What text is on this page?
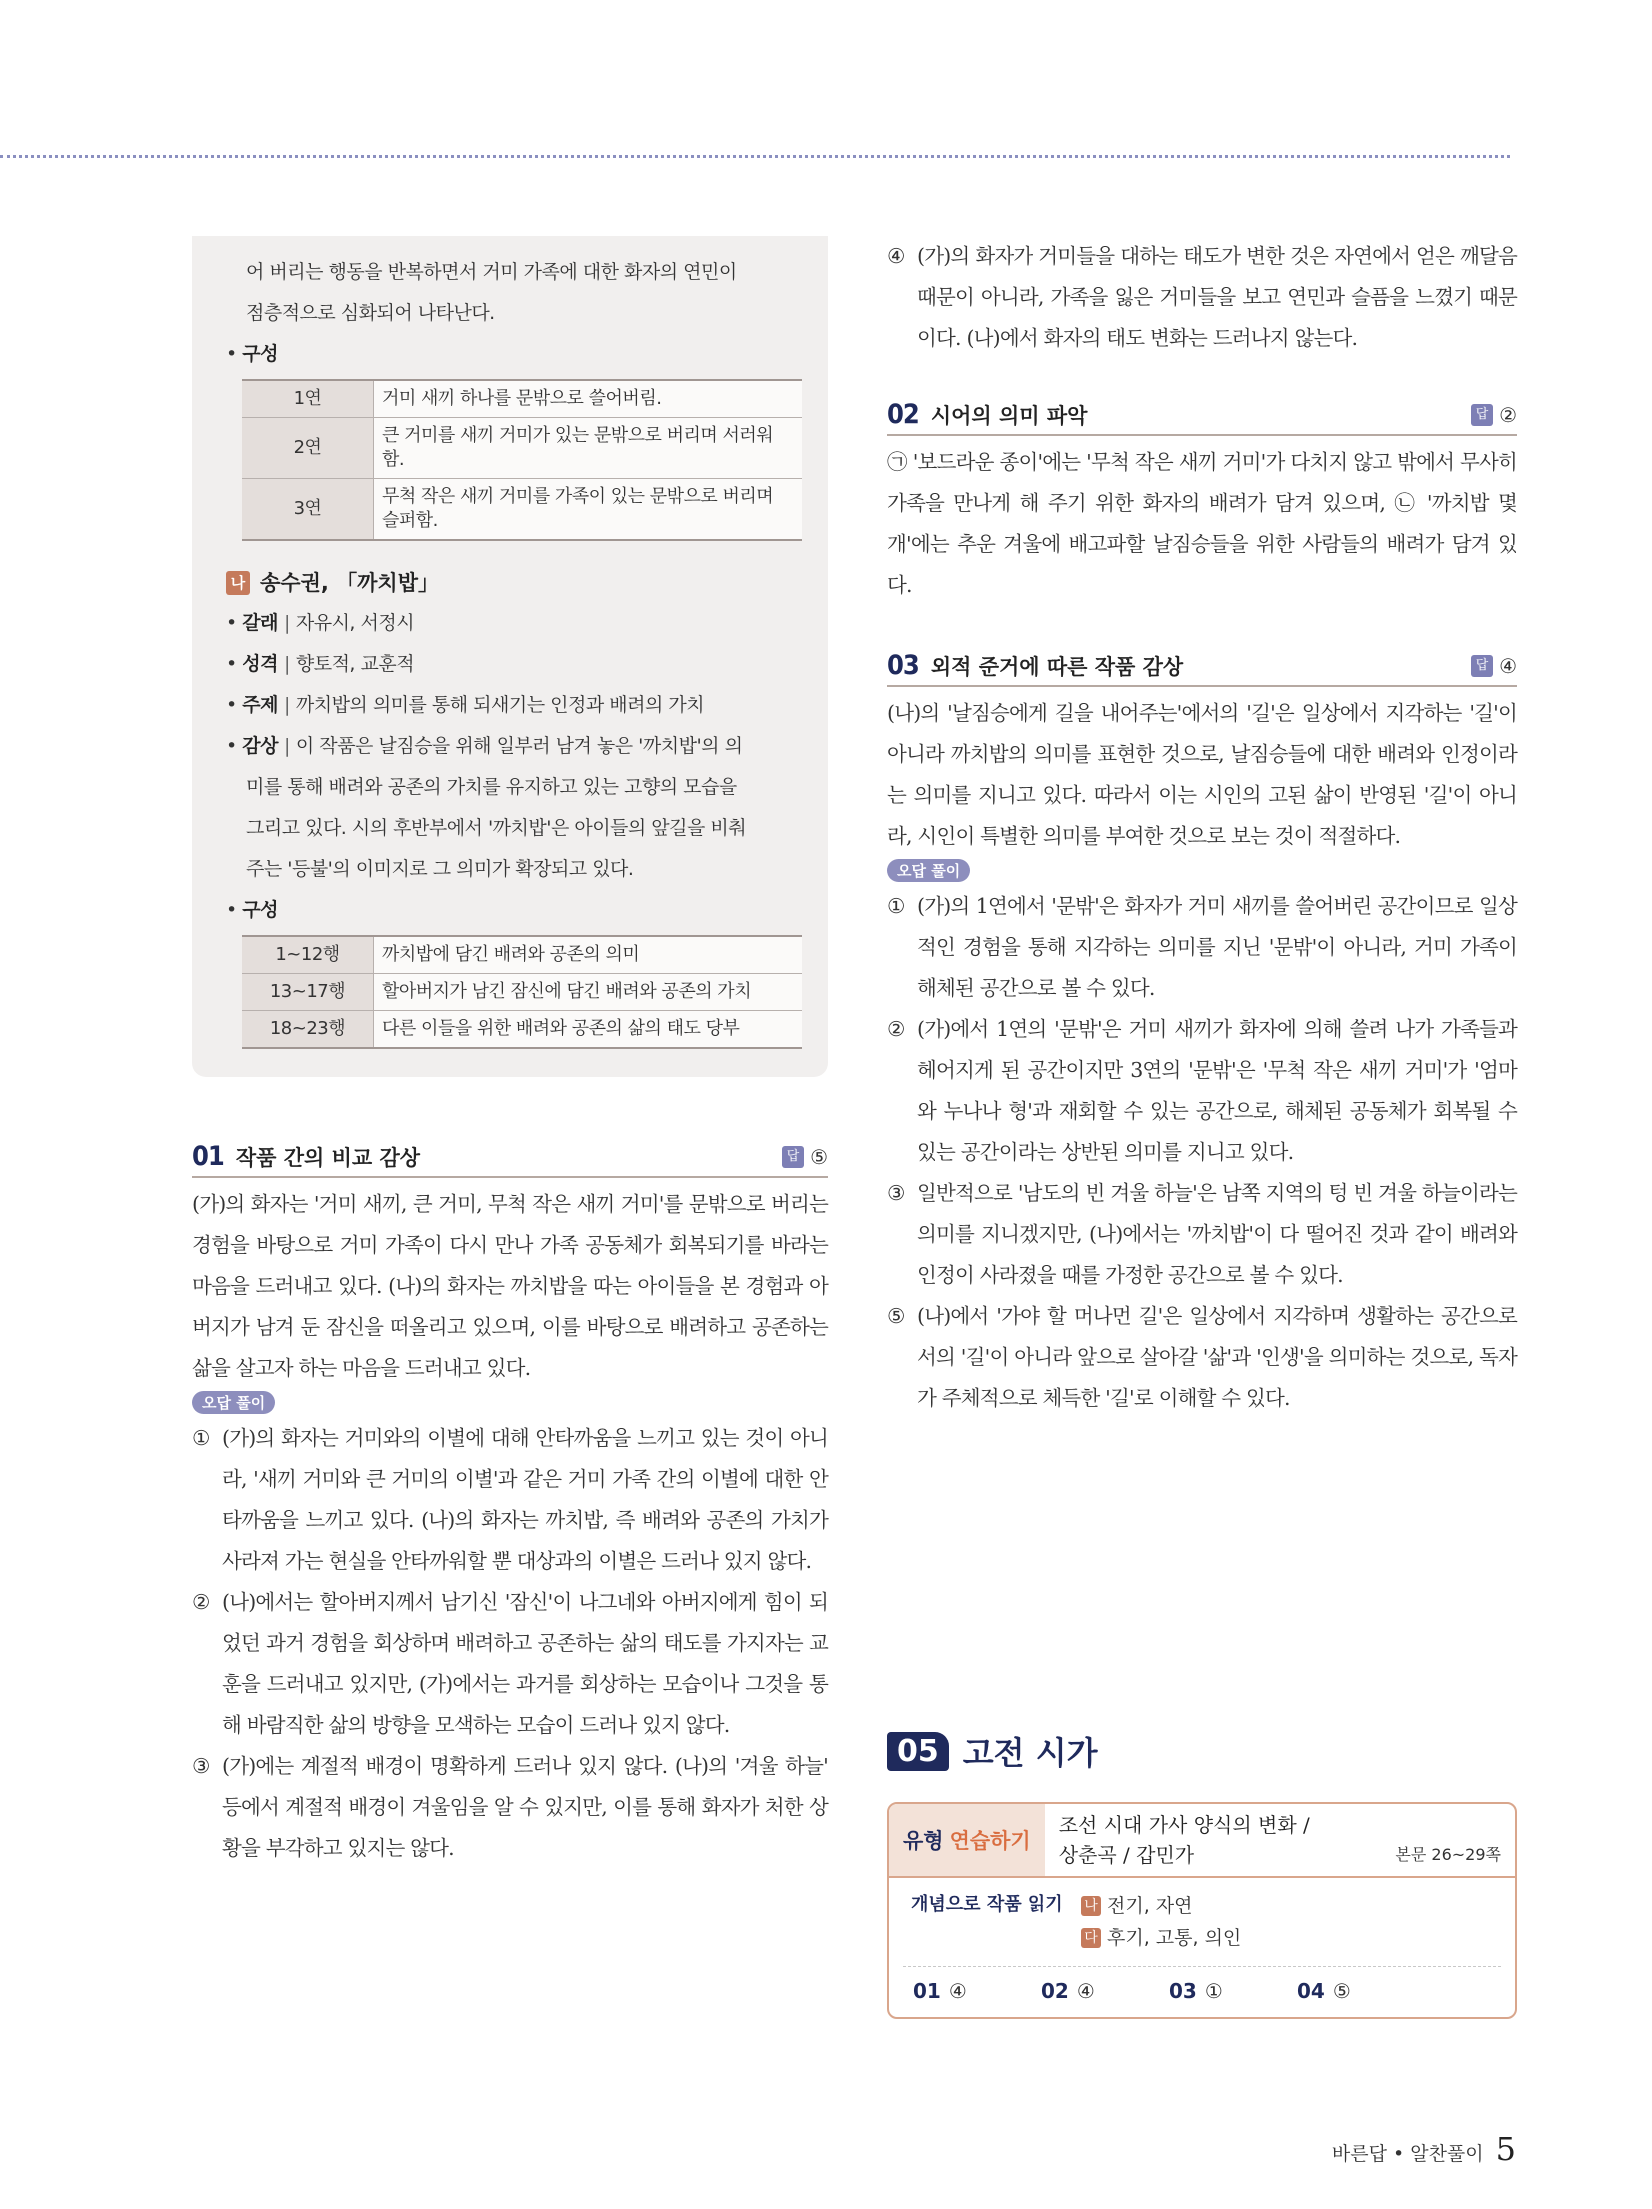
어 버리는 행동을 반복하면서 거미 가족에 대한 화자의 연민이

점층적으로 심화되어 나타난다.

• 구성
1연	거미 새끼 하나를 문밖으로 쓸어버림.
2연	큰 거미를 새끼 거미가 있는 문밖으로 버리며 서러워함.
3연	무척 작은 새끼 거미를 가족이 있는 문밖으로 버리며 슬퍼함.
나 송수권, 「까치밥」
• 갈래 | 자유시, 서정시
• 성격 | 향토적, 교훈적
• 주제 | 까치밥의 의미를 통해 되새기는 인정과 배려의 가치
• 감상 | 이 작품은 날짐승을 위해 일부러 남겨 놓은 '까치밥'의 의

미를 통해 배려와 공존의 가치를 유지하고 있는 고향의 모습을

그리고 있다. 시의 후반부에서 '까치밥'은 아이들의 앞길을 비춰

주는 '등불'의 이미지로 그 의미가 확장되고 있다.

• 구성
1~12행	까치밥에 담긴 배려와 공존의 의미
13~17행	할아버지가 남긴 잠신에 담긴 배려와 공존의 가치
18~23행	다른 이들을 위한 배려와 공존의 삶의 태도 당부
01 작품 간의 비교 감상	답 ⑤

(가)의 화자는 '거미 새끼, 큰 거미, 무척 작은 새끼 거미'를 문밖으로 버리는 경험을 바탕으로 거미 가족이 다시 만나 가족 공동체가 회복되기를 바라는 마음을 드러내고 있다. (나)의 화자는 까치밥을 따는 아이들을 본 경험과 아버지가 남겨 둔 잠신을 떠올리고 있으며, 이를 바탕으로 배려하고 공존하는 삶을 살고자 하는 마음을 드러내고 있다.

오답 풀이
① (가)의 화자는 거미와의 이별에 대해 안타까움을 느끼고 있는 것이 아니라, '새끼 거미와 큰 거미의 이별'과 같은 거미 가족 간의 이별에 대한 안타까움을 느끼고 있다. (나)의 화자는 까치밥, 즉 배려와 공존의 가치가 사라져 가는 현실을 안타까워할 뿐 대상과의 이별은 드러나 있지 않다.
② (나)에서는 할아버지께서 남기신 '잠신'이 나그네와 아버지에게 힘이 되었던 과거 경험을 회상하며 배려하고 공존하는 삶의 태도를 가지자는 교훈을 드러내고 있지만, (가)에서는 과거를 회상하는 모습이나 그것을 통해 바람직한 삶의 방향을 모색하는 모습이 드러나 있지 않다.
③ (가)에는 계절적 배경이 명확하게 드러나 있지 않다. (나)의 '겨울 하늘' 등에서 계절적 배경이 겨울임을 알 수 있지만, 이를 통해 화자가 처한 상황을 부각하고 있지는 않다.
④ (가)의 화자가 거미들을 대하는 태도가 변한 것은 자연에서 얻은 깨달음 때문이 아니라, 가족을 잃은 거미들을 보고 연민과 슬픔을 느꼈기 때문이다. (나)에서 화자의 태도 변화는 드러나지 않는다.
02 시어의 의미 파악	답 ②

㉠ '보드라운 종이'에는 '무척 작은 새끼 거미'가 다치지 않고 밖에서 무사히 가족을 만나게 해 주기 위한 화자의 배려가 담겨 있으며, ㉡ '까치밥 몇 개'에는 추운 겨울에 배고파할 날짐승들을 위한 사람들의 배려가 담겨 있다.

03 외적 준거에 따른 작품 감상	답 ④

(나)의 '날짐승에게 길을 내어주는'에서의 '길'은 일상에서 지각하는 '길'이 아니라 까치밥의 의미를 표현한 것으로, 날짐승들에 대한 배려와 인정이라는 의미를 지니고 있다. 따라서 이는 시인의 고된 삶이 반영된 '길'이 아니라, 시인이 특별한 의미를 부여한 것으로 보는 것이 적절하다.

오답 풀이
① (가)의 1연에서 '문밖'은 화자가 거미 새끼를 쓸어버린 공간이므로 일상적인 경험을 통해 지각하는 의미를 지닌 '문밖'이 아니라, 거미 가족이 해체된 공간으로 볼 수 있다.
② (가)에서 1연의 '문밖'은 거미 새끼가 화자에 의해 쓸려 나가 가족들과 헤어지게 된 공간이지만 3연의 '문밖'은 '무척 작은 새끼 거미'가 '엄마와 누나나 형'과 재회할 수 있는 공간으로, 해체된 공동체가 회복될 수 있는 공간이라는 상반된 의미를 지니고 있다.
③ 일반적으로 '남도의 빈 겨울 하늘'은 남쪽 지역의 텅 빈 겨울 하늘이라는 의미를 지니겠지만, (나)에서는 '까치밥'이 다 떨어진 것과 같이 배려와 인정이 사라졌을 때를 가정한 공간으로 볼 수 있다.
⑤ (나)에서 '가야 할 머나먼 길'은 일상에서 지각하며 생활하는 공간으로서의 '길'이 아니라 앞으로 살아갈 '삶'과 '인생'을 의미하는 것으로, 독자가 주체적으로 체득한 '길'로 이해할 수 있다.
05 고전 시가
유형 연습하기
조선 시대 가사 양식의 변화 /
상춘곡 / 갑민가	본문 26~29쪽
개념으로 작품 읽기	나 전기, 자연
다 후기, 고통, 의인
01 ④	02 ④	03 ①	04 ⑤
바른답 • 알찬풀이 5
